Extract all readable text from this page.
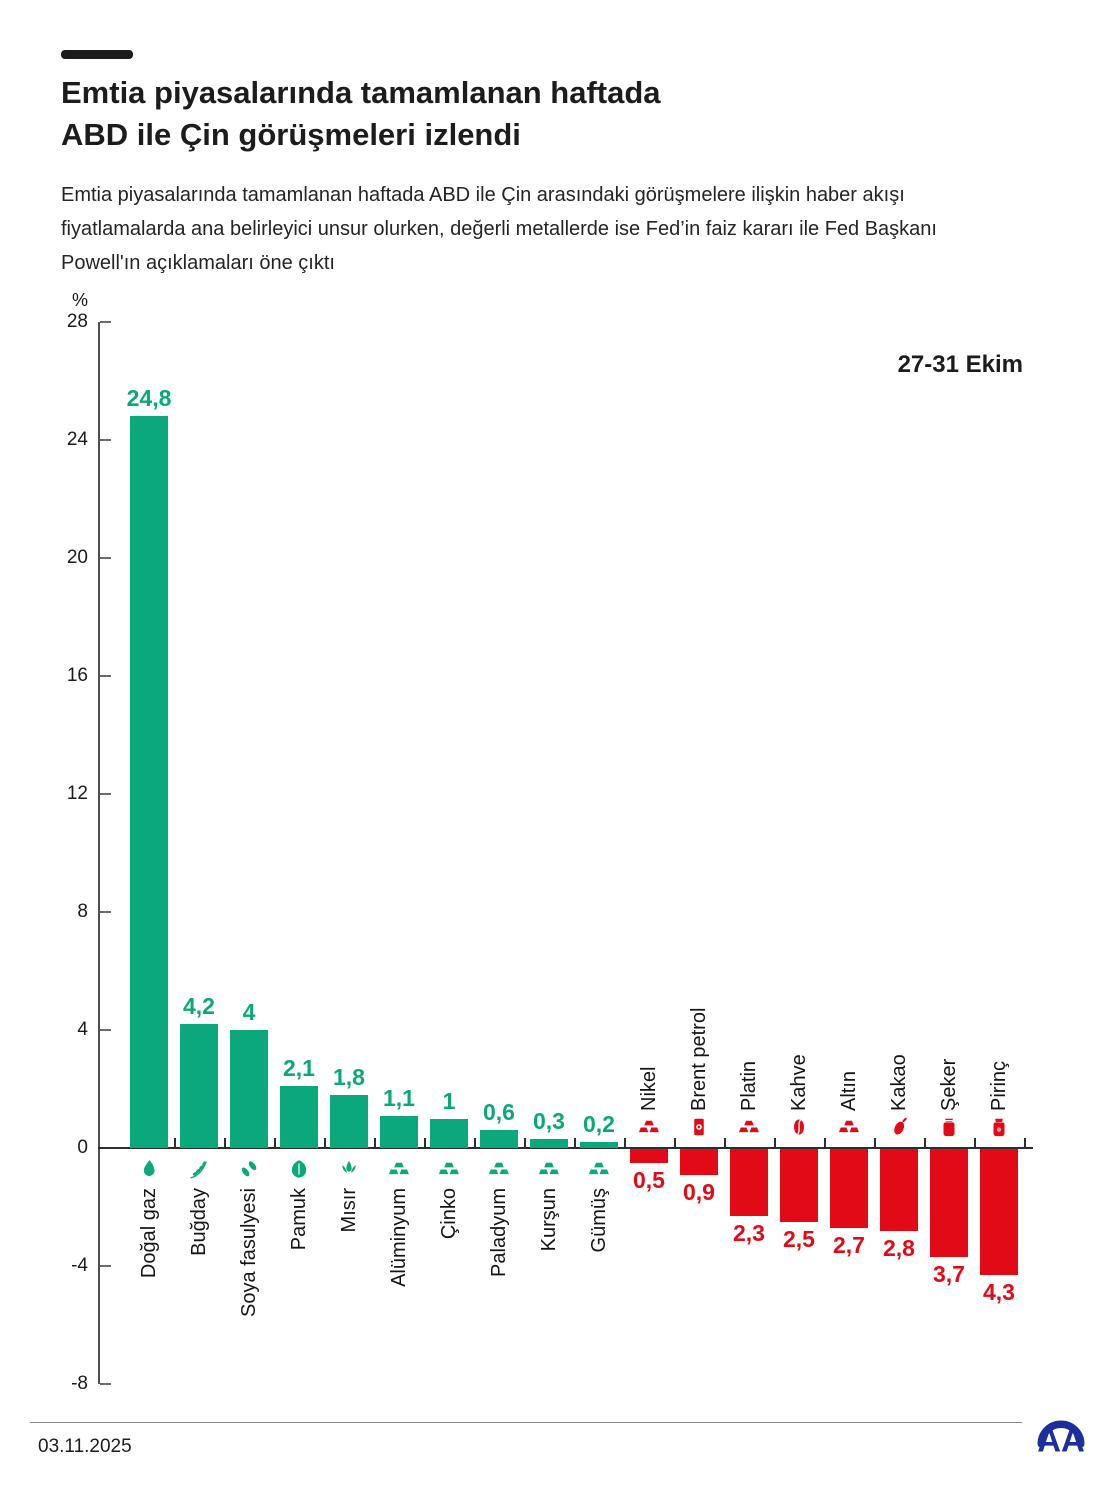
Emtia piyasalarında tamamlanan haftada
ABD ile Çin görüşmeleri izlendi
Emtia piyasalarında tamamlanan haftada ABD ile Çin arasındaki görüşmelere ilişkin haber akışı fiyatlamalarda ana belirleyici unsur olurken, değerli metallerde ise Fed’in faiz kararı ile Fed Başkanı Powell'ın açıklamaları öne çıktı
%
27-31 Ekim
28
24
20
16
12
8
4
0
-4
-8
24,8
Doğal gaz
4,2
Buğday
4
Soya fasulyesi
2,1
Pamuk
1,8
Mısır
1,1
Alüminyum
1
Çinko
0,6
Paladyum
0,3
Kurşun
0,2
Gümüş
0,5
Nikel
0,9
Brent petrol
2,3
Platin
2,5
Kahve
2,7
Altın
2,8
Kakao
3,7
Şeker
4,3
Pirinç
03.11.2025	AA
